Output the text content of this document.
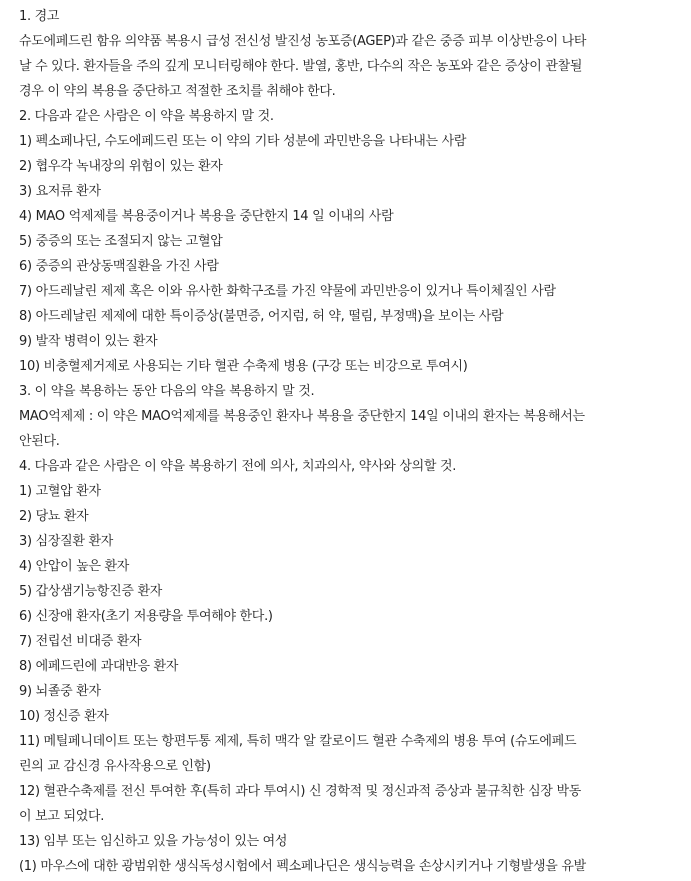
1. 경고
슈도에페드린 함유 의약품 복용시 급성 전신성 발진성 농포증(AGEP)과 같은 중증 피부 이상반응이 나타
날 수 있다. 환자들을 주의 깊게 모니터링해야 한다. 발열, 홍반, 다수의 작은 농포와 같은 증상이 관찰될
경우 이 약의 복용을 중단하고 적절한 조치를 취해야 한다.
2. 다음과 같은 사람은 이 약을 복용하지 말 것.
1) 펙소페나딘, 수도에페드린 또는 이 약의 기타 성분에 과민반응을 나타내는 사람
2) 협우각 녹내장의 위험이 있는 환자
3) 요저류 환자
4) MAO 억제제를 복용중이거나 복용을 중단한지 14 일 이내의 사람
5) 중증의 또는 조절되지 않는 고혈압
6) 중증의 관상동맥질환을 가진 사람
7) 아드레날린 제제 혹은 이와 유사한 화학구조를 가진 약물에 과민반응이 있거나 특이체질인 사람
8) 아드레날린 제제에 대한 특이증상(불면증, 어지럼, 허 약, 떨림, 부정맥)을 보이는 사람
9) 발작 병력이 있는 환자
10) 비충혈제거제로 사용되는 기타 혈관 수축제 병용 (구강 또는 비강으로 투여시)
3. 이 약을 복용하는 동안 다음의 약을 복용하지 말 것.
MAO억제제 : 이 약은 MAO억제제를 복용중인 환자나 복용을 중단한지 14일 이내의 환자는 복용해서는
안된다.
4. 다음과 같은 사람은 이 약을 복용하기 전에 의사, 치과의사, 약사와 상의할 것.
1) 고혈압 환자
2) 당뇨 환자
3) 심장질환 환자
4) 안압이 높은 환자
5) 갑상샘기능항진증 환자
6) 신장애 환자(초기 저용량을 투여해야 한다.)
7) 전립선 비대증 환자
8) 에페드린에 과대반응 환자
9) 뇌졸중 환자
10) 정신증 환자
11) 메틸페니데이트 또는 항편두통 제제, 특히 맥각 알 칼로이드 혈관 수축제의 병용 투여 (슈도에페드
린의 교 감신경 유사작용으로 인함)
12) 혈관수축제를 전신 투여한 후(특히 과다 투여시) 신 경학적 및 정신과적 증상과 불규칙한 심장 박동
이 보고 되었다.
13) 임부 또는 임신하고 있을 가능성이 있는 여성
(1) 마우스에 대한 광범위한 생식독성시험에서 펙소페나딘은 생식능력을 손상시키거나 기형발생을 유발
